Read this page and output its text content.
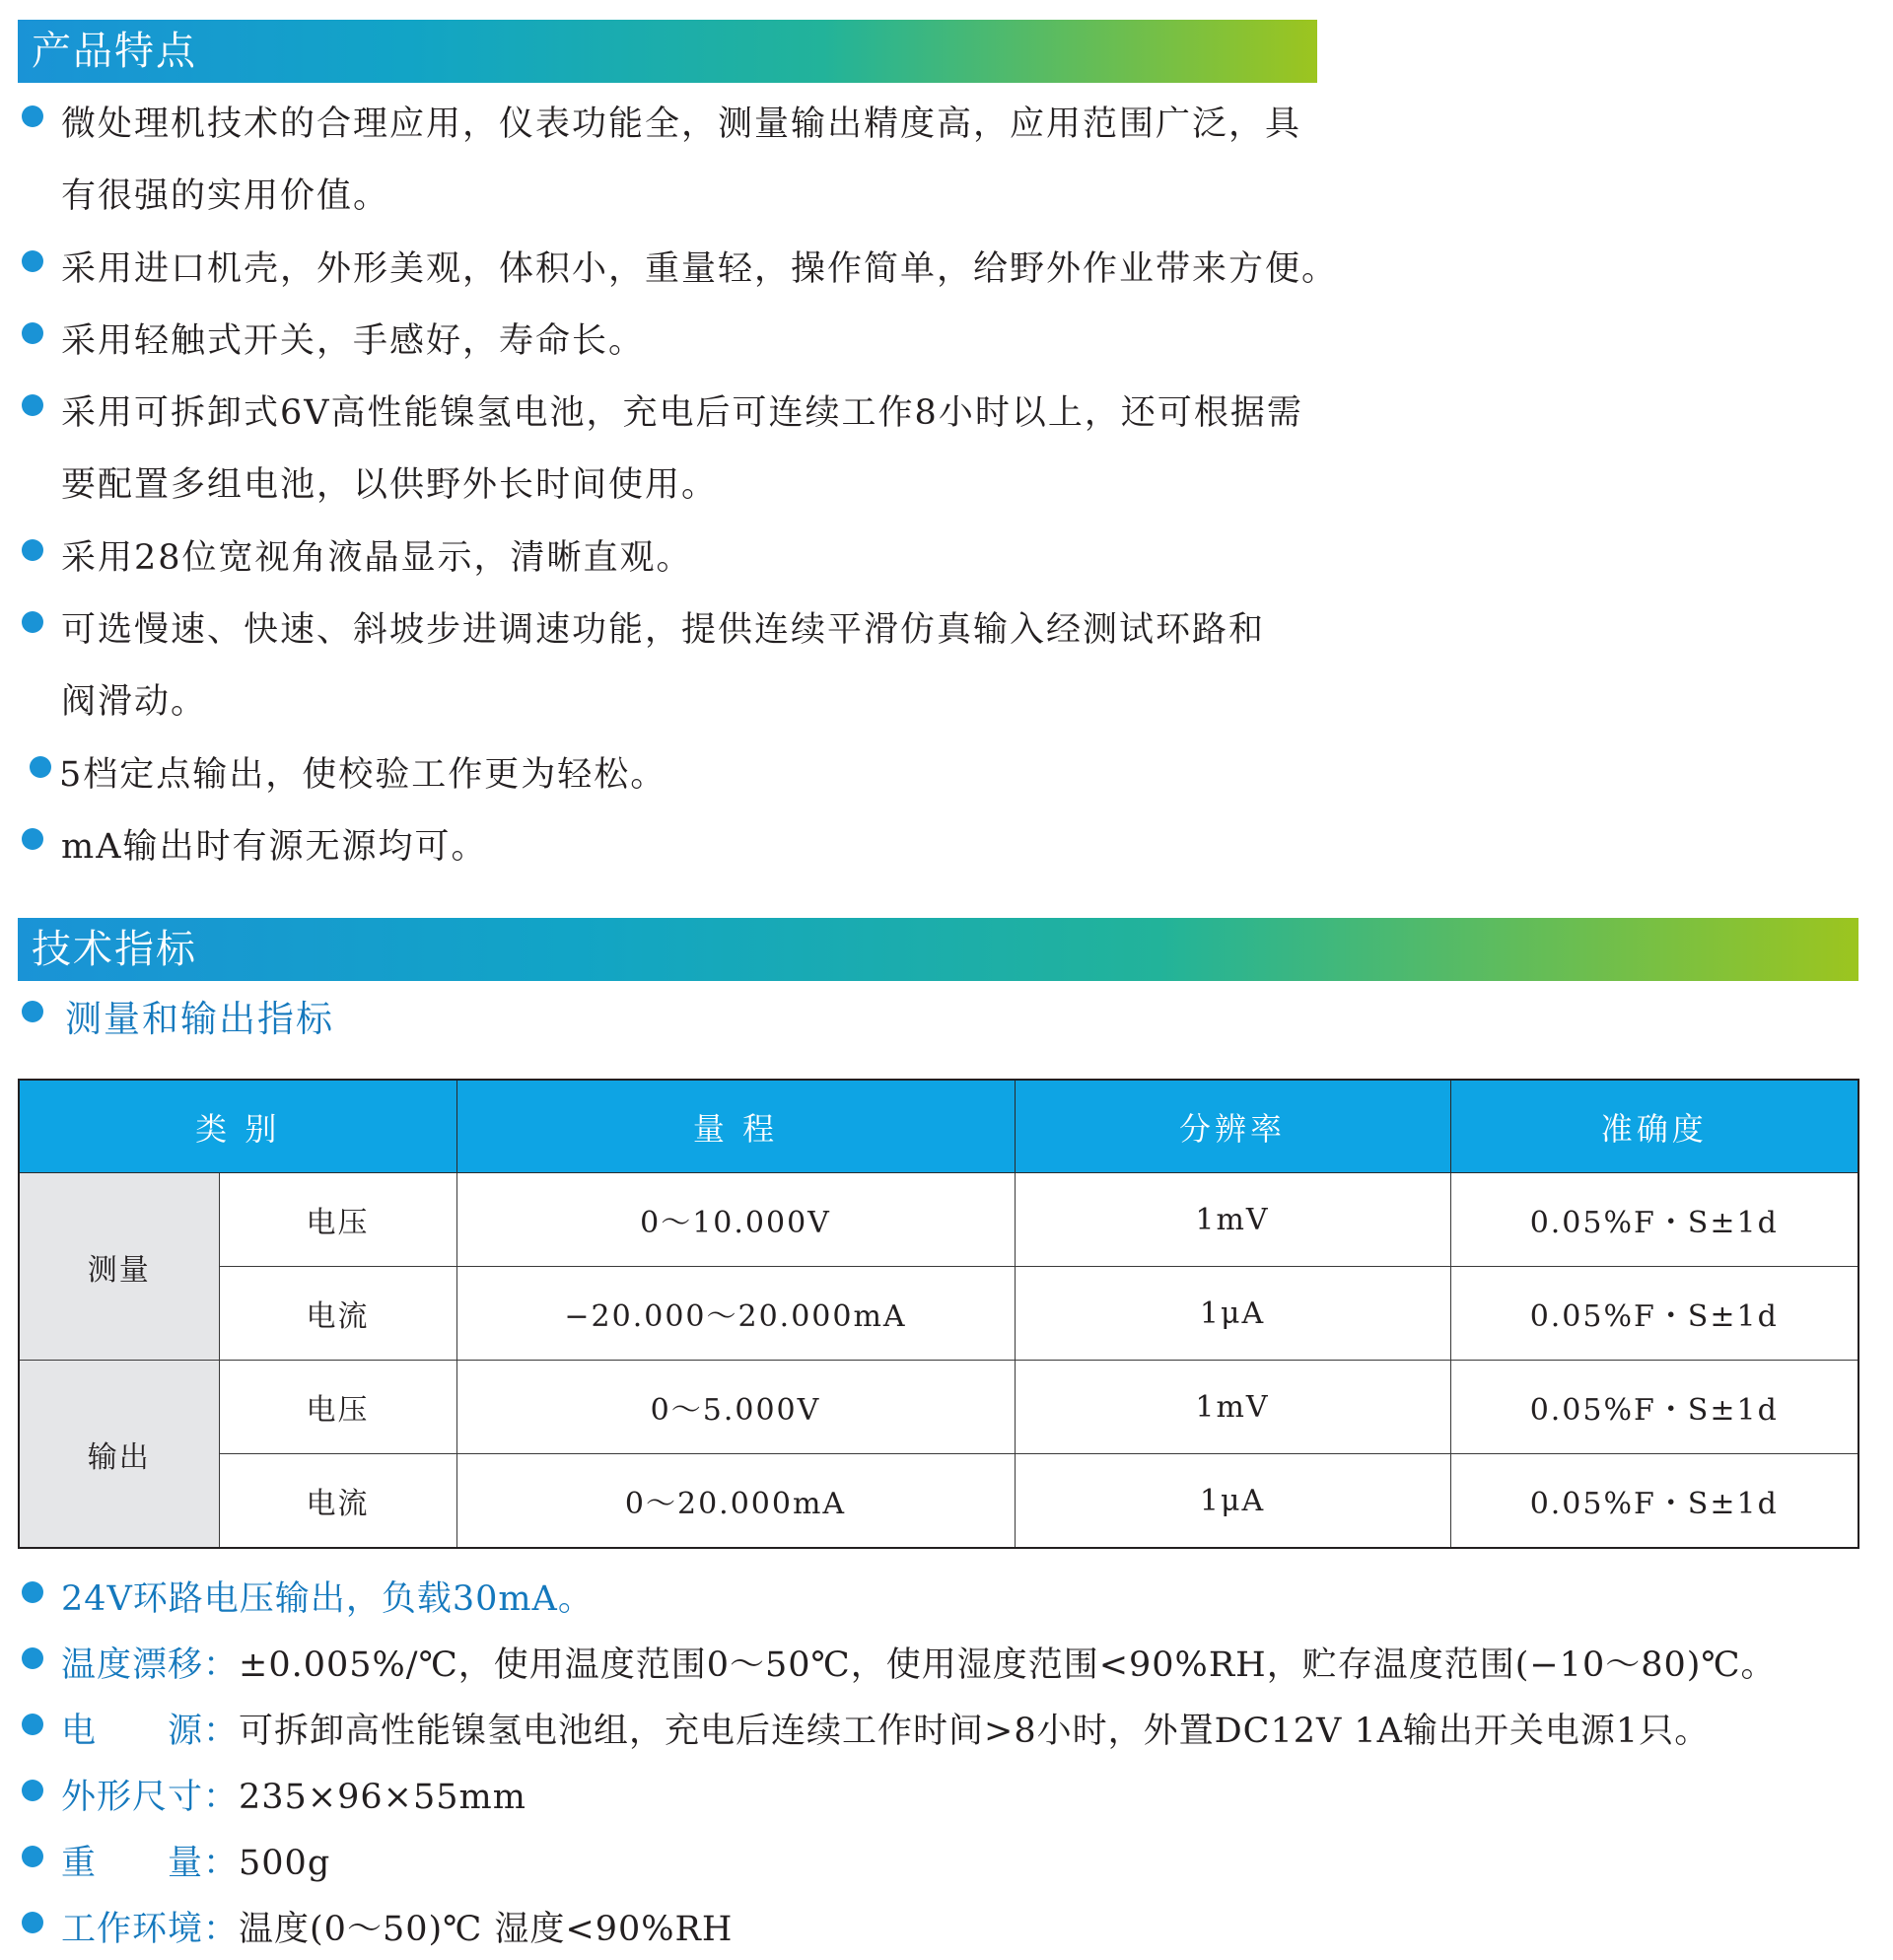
产品特点
微处理机技术的合理应用，仪表功能全，测量输出精度高，应用范围广泛，具
有很强的实用价值。
采用进口机壳，外形美观，体积小，重量轻，操作简单，给野外作业带来方便。
采用轻触式开关，手感好，寿命长。
采用可拆卸式6V高性能镍氢电池，充电后可连续工作8小时以上，还可根据需
要配置多组电池，以供野外长时间使用。
采用28位宽视角液晶显示，清晰直观。
可选慢速、快速、斜坡步进调速功能，提供连续平滑仿真输入经测试环路和
阀滑动。
5档定点输出，使校验工作更为轻松。
mA输出时有源无源均可。
技术指标
测量和输出指标
类 别		量 程	分辨率	准确度
测量	电压	0～10.000V	1mV	0.05%F・S±1d
	电流	−20.000～20.000mA	1μA	0.05%F・S±1d
输出	电压	0～5.000V	1mV	0.05%F・S±1d
	电流	0～20.000mA	1μA	0.05%F・S±1d
24V环路电压输出，负载30mA。
温度漂移：±0.005%/℃，使用温度范围0～50℃，使用湿度范围<90%RH，贮存温度范围(−10～80)℃。
电　　源：可拆卸高性能镍氢电池组，充电后连续工作时间>8小时，外置DC12V 1A输出开关电源1只。
外形尺寸：235×96×55mm
重　　量：500g
工作环境：温度(0～50)℃ 湿度<90%RH
